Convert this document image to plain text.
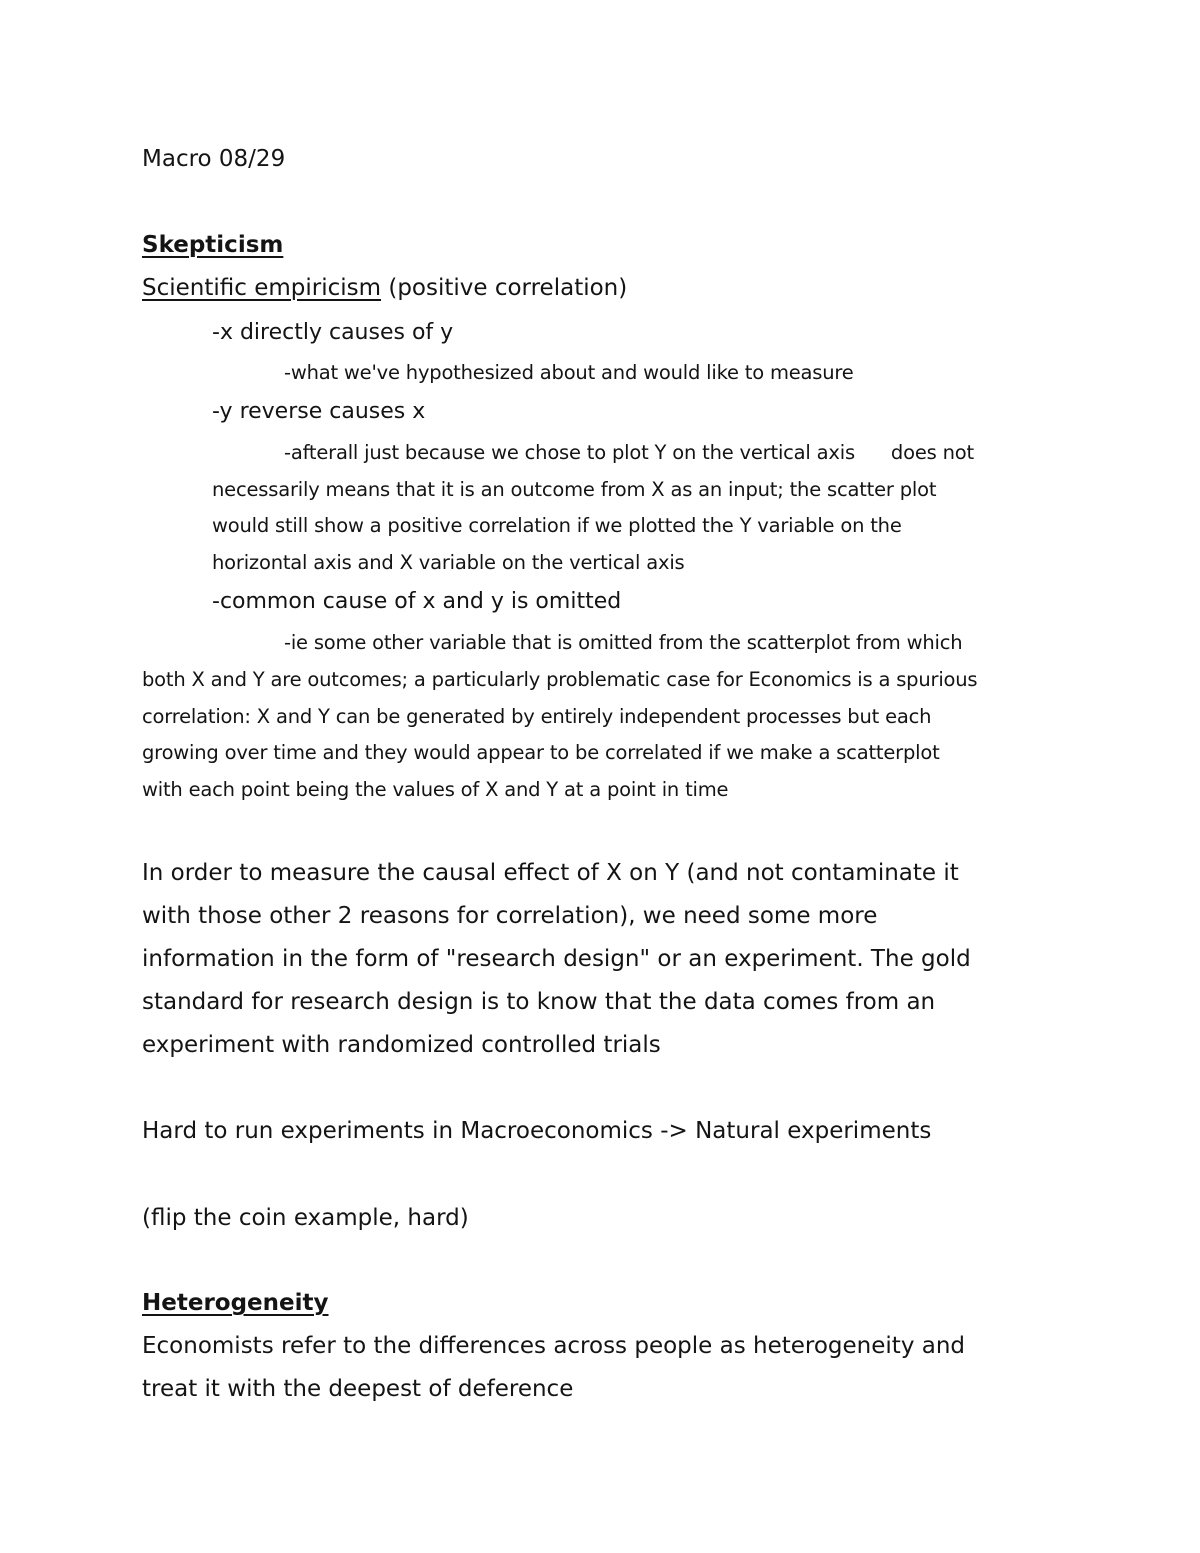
Macro 08/29
Skepticism
Scientific empiricism (positive correlation)
-x directly causes of y
-what we've hypothesized about and would like to measure
-y reverse causes x
-afterall just because we chose to plot Y on the vertical axis      does not
necessarily means that it is an outcome from X as an input; the scatter plot
would still show a positive correlation if we plotted the Y variable on the
horizontal axis and X variable on the vertical axis
-common cause of x and y is omitted
-ie some other variable that is omitted from the scatterplot from which
both X and Y are outcomes; a particularly problematic case for Economics is a spurious
correlation: X and Y can be generated by entirely independent processes but each
growing over time and they would appear to be correlated if we make a scatterplot
with each point being the values of X and Y at a point in time
In order to measure the causal effect of X on Y (and not contaminate it
with those other 2 reasons for correlation), we need some more
information in the form of "research design" or an experiment. The gold
standard for research design is to know that the data comes from an
experiment with randomized controlled trials
Hard to run experiments in Macroeconomics -> Natural experiments
(flip the coin example, hard)
Heterogeneity
Economists refer to the differences across people as heterogeneity and
treat it with the deepest of deference
